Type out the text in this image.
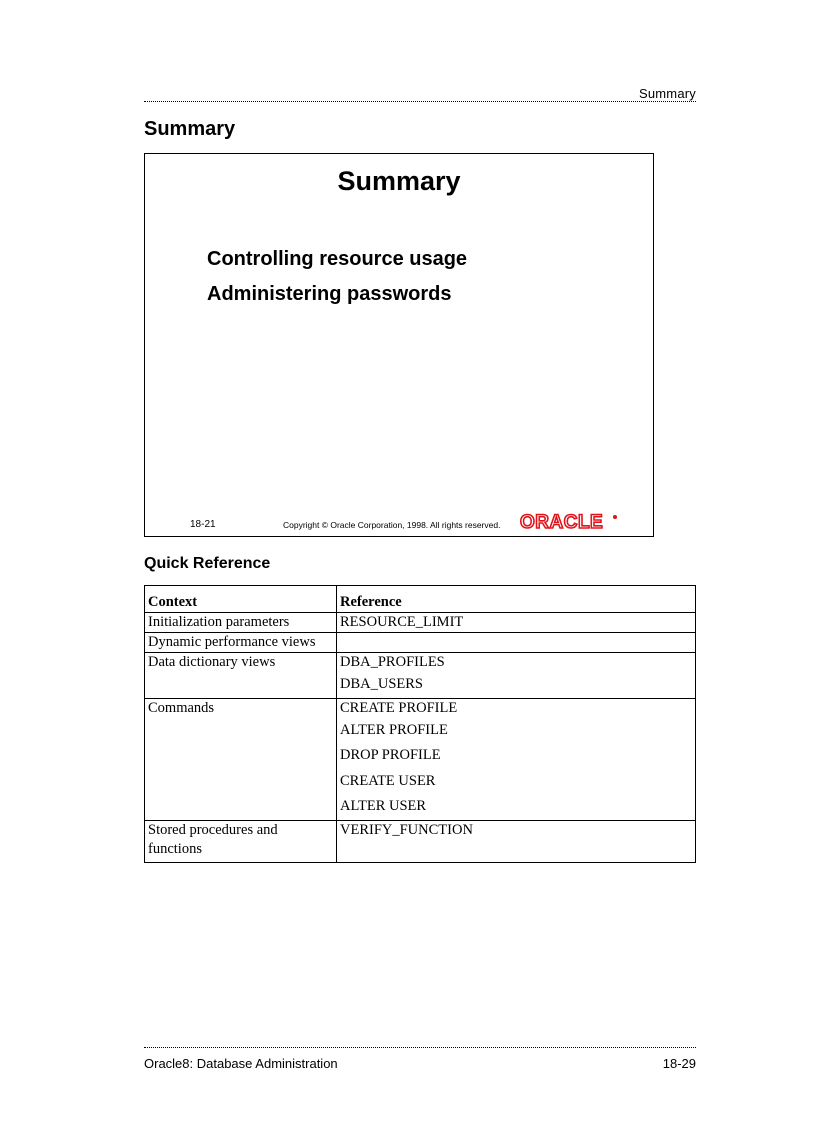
Summary
Summary
Summary
Controlling resource usage
Administering passwords
18-21	Copyright © Oracle Corporation, 1998. All rights reserved. ORACLE
Quick Reference
Context	Reference
Initialization parameters	RESOURCE_LIMIT

Dynamic performance views	

Data dictionary views	DBA_PROFILES
DBA_USERS

Commands	CREATE PROFILE
ALTER PROFILE
DROP PROFILE
CREATE USER
ALTER USER

Stored procedures and functions	VERIFY_FUNCTION
Oracle8: Database Administration	18-29
